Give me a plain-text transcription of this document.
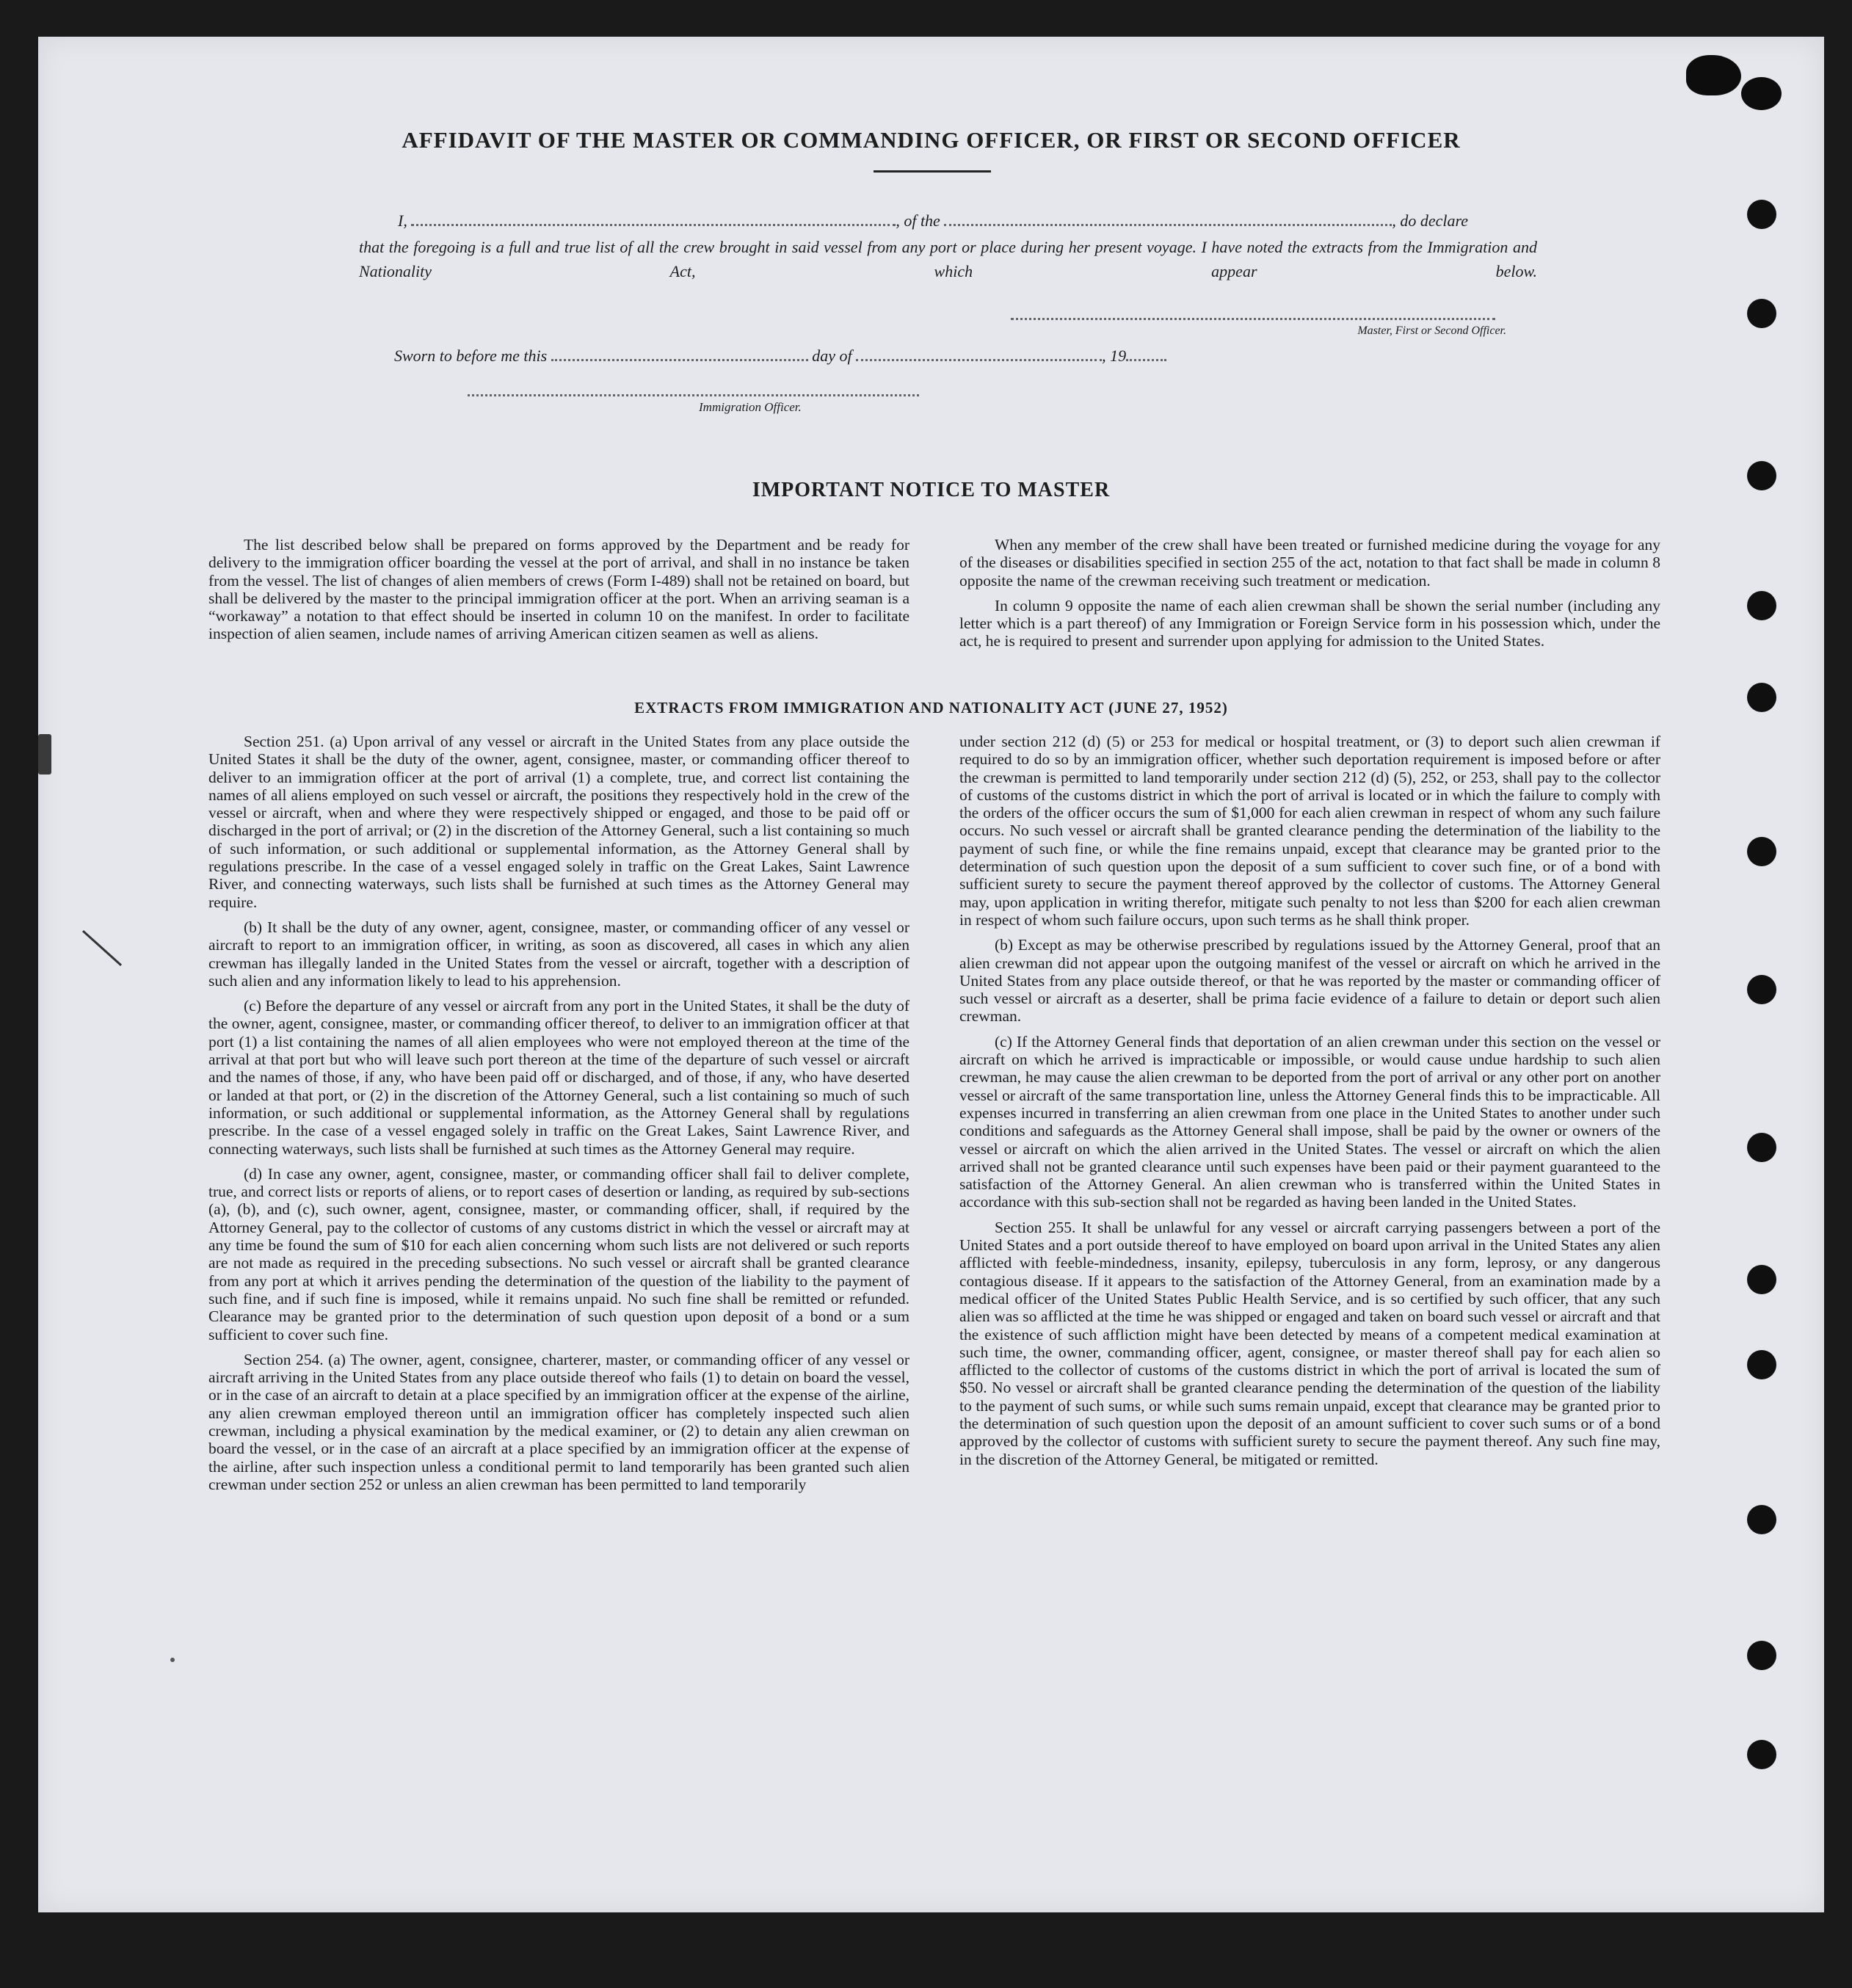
AFFIDAVIT OF THE MASTER OR COMMANDING OFFICER, OR FIRST OR SECOND OFFICER
I,	, of the	, do declare
that the foregoing is a full and true list of all the crew brought in said vessel from any port or place during her present voyage. I have noted the extracts from the Immigration and Nationality Act, which appear below.
Master, First or Second Officer.
Sworn to before me this	day of	, 19
Immigration Officer.
IMPORTANT NOTICE TO MASTER

The list described below shall be prepared on forms approved by the Department and be ready for delivery to the immigration officer boarding the vessel at the port of arrival, and shall in no instance be taken from the vessel. The list of changes of alien members of crews (Form I-489) shall not be retained on board, but shall be delivered by the master to the principal immigration officer at the port. When an arriving seaman is a “workaway” a notation to that effect should be inserted in column 10 on the manifest. In order to facilitate inspection of alien seamen, include names of arriving American citizen seamen as well as aliens.

When any member of the crew shall have been treated or furnished medicine during the voyage for any of the diseases or disabilities specified in section 255 of the act, notation to that fact shall be made in column 8 opposite the name of the crewman receiving such treatment or medication.

In column 9 opposite the name of each alien crewman shall be shown the serial number (including any letter which is a part thereof) of any Immigration or Foreign Service form in his possession which, under the act, he is required to present and surrender upon applying for admission to the United States.

EXTRACTS FROM IMMIGRATION AND NATIONALITY ACT (JUNE 27, 1952)

Section 251. (a) Upon arrival of any vessel or aircraft in the United States from any place outside the United States it shall be the duty of the owner, agent, consignee, master, or commanding officer thereof to deliver to an immigration officer at the port of arrival (1) a complete, true, and correct list containing the names of all aliens employed on such vessel or aircraft, the positions they respectively hold in the crew of the vessel or aircraft, when and where they were respectively shipped or engaged, and those to be paid off or discharged in the port of arrival; or (2) in the discretion of the Attorney General, such a list containing so much of such information, or such additional or supplemental information, as the Attorney General shall by regulations prescribe. In the case of a vessel engaged solely in traffic on the Great Lakes, Saint Lawrence River, and connecting waterways, such lists shall be furnished at such times as the Attorney General may require.

(b) It shall be the duty of any owner, agent, consignee, master, or commanding officer of any vessel or aircraft to report to an immigration officer, in writing, as soon as discovered, all cases in which any alien crewman has illegally landed in the United States from the vessel or aircraft, together with a description of such alien and any information likely to lead to his apprehension.

(c) Before the departure of any vessel or aircraft from any port in the United States, it shall be the duty of the owner, agent, consignee, master, or commanding officer thereof, to deliver to an immigration officer at that port (1) a list containing the names of all alien employees who were not employed thereon at the time of the arrival at that port but who will leave such port thereon at the time of the departure of such vessel or aircraft and the names of those, if any, who have been paid off or discharged, and of those, if any, who have deserted or landed at that port, or (2) in the discretion of the Attorney General, such a list containing so much of such information, or such additional or supplemental information, as the Attorney General shall by regulations prescribe. In the case of a vessel engaged solely in traffic on the Great Lakes, Saint Lawrence River, and connecting waterways, such lists shall be furnished at such times as the Attorney General may require.

(d) In case any owner, agent, consignee, master, or commanding officer shall fail to deliver complete, true, and correct lists or reports of aliens, or to report cases of desertion or landing, as required by sub-sections (a), (b), and (c), such owner, agent, consignee, master, or commanding officer, shall, if required by the Attorney General, pay to the collector of customs of any customs district in which the vessel or aircraft may at any time be found the sum of $10 for each alien concerning whom such lists are not delivered or such reports are not made as required in the preceding subsections. No such vessel or aircraft shall be granted clearance from any port at which it arrives pending the determination of the question of the liability to the payment of such fine, and if such fine is imposed, while it remains unpaid. No such fine shall be remitted or refunded. Clearance may be granted prior to the determination of such question upon deposit of a bond or a sum sufficient to cover such fine.

Section 254. (a) The owner, agent, consignee, charterer, master, or commanding officer of any vessel or aircraft arriving in the United States from any place outside thereof who fails (1) to detain on board the vessel, or in the case of an aircraft to detain at a place specified by an immigration officer at the expense of the airline, any alien crewman employed thereon until an immigration officer has completely inspected such alien crewman, including a physical examination by the medical examiner, or (2) to detain any alien crewman on board the vessel, or in the case of an aircraft at a place specified by an immigration officer at the expense of the airline, after such inspection unless a conditional permit to land temporarily has been granted such alien crewman under section 252 or unless an alien crewman has been permitted to land temporarily

under section 212 (d) (5) or 253 for medical or hospital treatment, or (3) to deport such alien crewman if required to do so by an immigration officer, whether such deportation requirement is imposed before or after the crewman is permitted to land temporarily under section 212 (d) (5), 252, or 253, shall pay to the collector of customs of the customs district in which the port of arrival is located or in which the failure to comply with the orders of the officer occurs the sum of $1,000 for each alien crewman in respect of whom any such failure occurs. No such vessel or aircraft shall be granted clearance pending the determination of the liability to the payment of such fine, or while the fine remains unpaid, except that clearance may be granted prior to the determination of such question upon the deposit of a sum sufficient to cover such fine, or of a bond with sufficient surety to secure the payment thereof approved by the collector of customs. The Attorney General may, upon application in writing therefor, mitigate such penalty to not less than $200 for each alien crewman in respect of whom such failure occurs, upon such terms as he shall think proper.

(b) Except as may be otherwise prescribed by regulations issued by the Attorney General, proof that an alien crewman did not appear upon the outgoing manifest of the vessel or aircraft on which he arrived in the United States from any place outside thereof, or that he was reported by the master or commanding officer of such vessel or aircraft as a deserter, shall be prima facie evidence of a failure to detain or deport such alien crewman.

(c) If the Attorney General finds that deportation of an alien crewman under this section on the vessel or aircraft on which he arrived is impracticable or impossible, or would cause undue hardship to such alien crewman, he may cause the alien crewman to be deported from the port of arrival or any other port on another vessel or aircraft of the same transportation line, unless the Attorney General finds this to be impracticable. All expenses incurred in transferring an alien crewman from one place in the United States to another under such conditions and safeguards as the Attorney General shall impose, shall be paid by the owner or owners of the vessel or aircraft on which the alien arrived in the United States. The vessel or aircraft on which the alien arrived shall not be granted clearance until such expenses have been paid or their payment guaranteed to the satisfaction of the Attorney General. An alien crewman who is transferred within the United States in accordance with this sub-section shall not be regarded as having been landed in the United States.

Section 255. It shall be unlawful for any vessel or aircraft carrying passengers between a port of the United States and a port outside thereof to have employed on board upon arrival in the United States any alien afflicted with feeble-mindedness, insanity, epilepsy, tuberculosis in any form, leprosy, or any dangerous contagious disease. If it appears to the satisfaction of the Attorney General, from an examination made by a medical officer of the United States Public Health Service, and is so certified by such officer, that any such alien was so afflicted at the time he was shipped or engaged and taken on board such vessel or aircraft and that the existence of such affliction might have been detected by means of a competent medical examination at such time, the owner, commanding officer, agent, consignee, or master thereof shall pay for each alien so afflicted to the collector of customs of the customs district in which the port of arrival is located the sum of $50. No vessel or aircraft shall be granted clearance pending the determination of the question of the liability to the payment of such sums, or while such sums remain unpaid, except that clearance may be granted prior to the determination of such question upon the deposit of an amount sufficient to cover such sums or of a bond approved by the collector of customs with sufficient surety to secure the payment thereof. Any such fine may, in the discretion of the Attorney General, be mitigated or remitted.
